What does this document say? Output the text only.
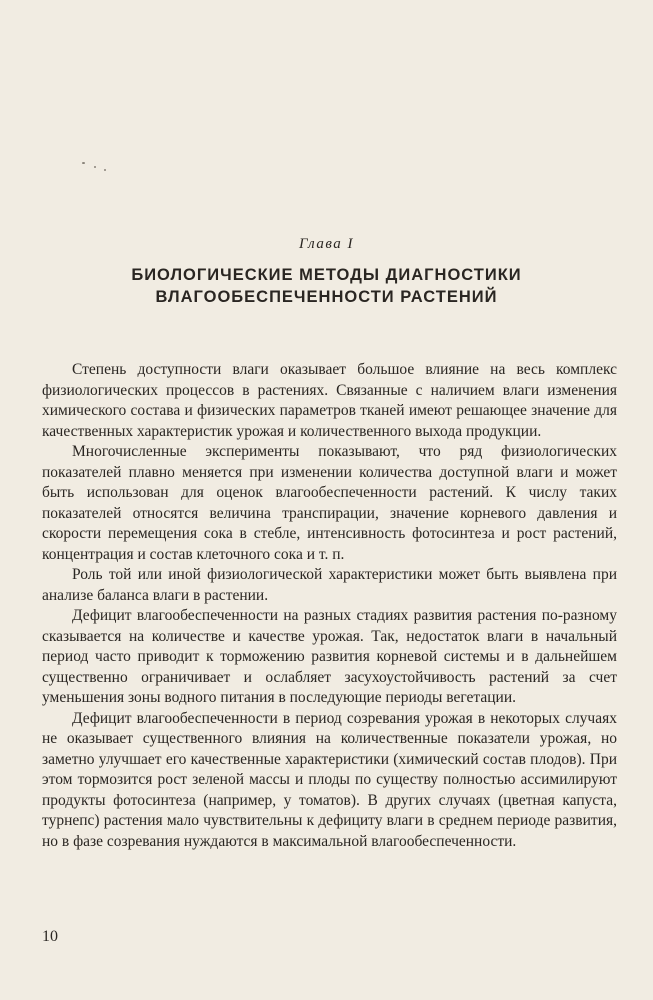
Глава I
БИОЛОГИЧЕСКИЕ МЕТОДЫ ДИАГНОСТИКИ
ВЛАГООБЕСПЕЧЕННОСТИ РАСТЕНИЙ

Степень доступности влаги оказывает большое влияние на весь комплекс физиологических процессов в растениях. Связанные с наличием влаги изменения химического состава и физических параметров тканей имеют решающее значение для качественных характеристик урожая и количественного выхода продукции.

Многочисленные эксперименты показывают, что ряд физиологических показателей плавно меняется при изменении количества доступной влаги и может быть использован для оценок влагообеспеченности растений. К числу таких показателей относятся величина транспирации, значение корневого давления и скорости перемещения сока в стебле, интенсивность фотосинтеза и рост растений, концентрация и состав клеточного сока и т. п.

Роль той или иной физиологической характеристики может быть выявлена при анализе баланса влаги в растении.

Дефицит влагообеспеченности на разных стадиях развития растения по-разному сказывается на количестве и качестве урожая. Так, недостаток влаги в начальный период часто приводит к торможению развития корневой системы и в дальнейшем существенно ограничивает и ослабляет засухоустойчивость растений за счет уменьшения зоны водного питания в последующие периоды вегетации.

Дефицит влагообеспеченности в период созревания урожая в некоторых случаях не оказывает существенного влияния на количественные показатели урожая, но заметно улучшает его качественные характеристики (химический состав плодов). При этом тормозится рост зеленой массы и плоды по существу полностью ассимилируют продукты фотосинтеза (например, у томатов). В других случаях (цветная капуста, турнепс) растения мало чувствительны к дефициту влаги в среднем периоде развития, но в фазе созревания нуждаются в максимальной влагообеспеченности.

10
